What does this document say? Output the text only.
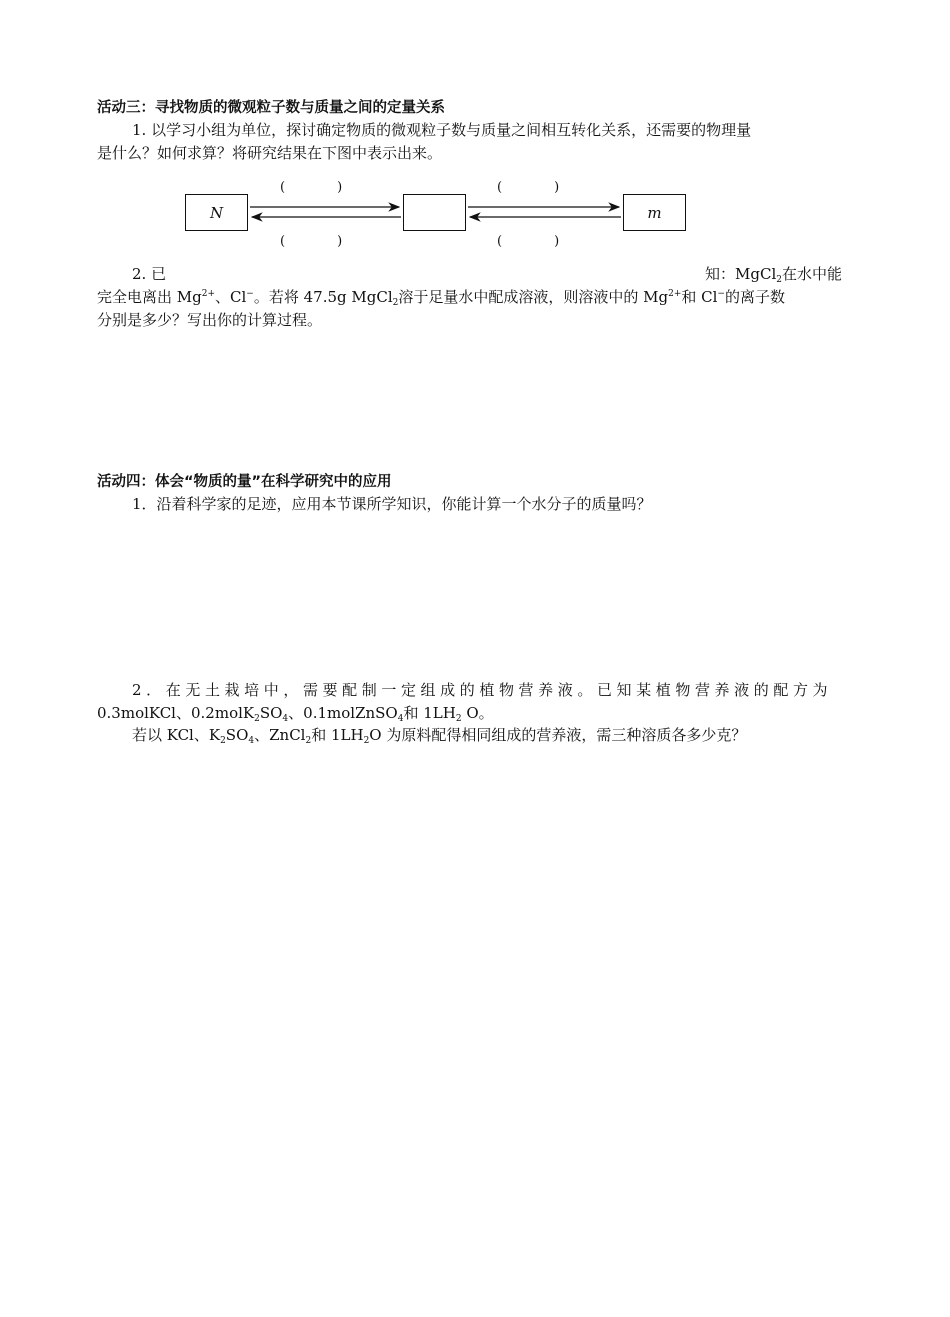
活动三：寻找物质的微观粒子数与质量之间的定量关系
1. 以学习小组为单位，探讨确定物质的微观粒子数与质量之间相互转化关系，还需要的物理量
是什么？如何求算？将研究结果在下图中表示出来。
N	m
(　　　　)
(　　　　)
(　　　　)
(　　　　)
2. 已	知：MgCl$_2$在水中能
完全电离出 $Mg^{2+}$、Cl−。若将 47.5g MgCl$_2$溶于足量水中配成溶液，则溶液中的 $Mg^{2+}$和 Cl−的离子数
分别是多少？写出你的计算过程。
活动四：体会“物质的量”在科学研究中的应用
1．沿着科学家的足迹，应用本节课所学知识，你能计算一个水分子的质量吗？
2．在无土栽培中，需要配制一定组成的植物营养液。已知某植物营养液的配方为
0.3molKCl、$0.2molK_2SO_4$、0.1molZnSO$_4$和 $1LH_2$ O。
若以 KCl、$K_2SO_4$、ZnCl$_2$和 $1LH_2O$ 为原料配得相同组成的营养液，需三种溶质各多少克？
